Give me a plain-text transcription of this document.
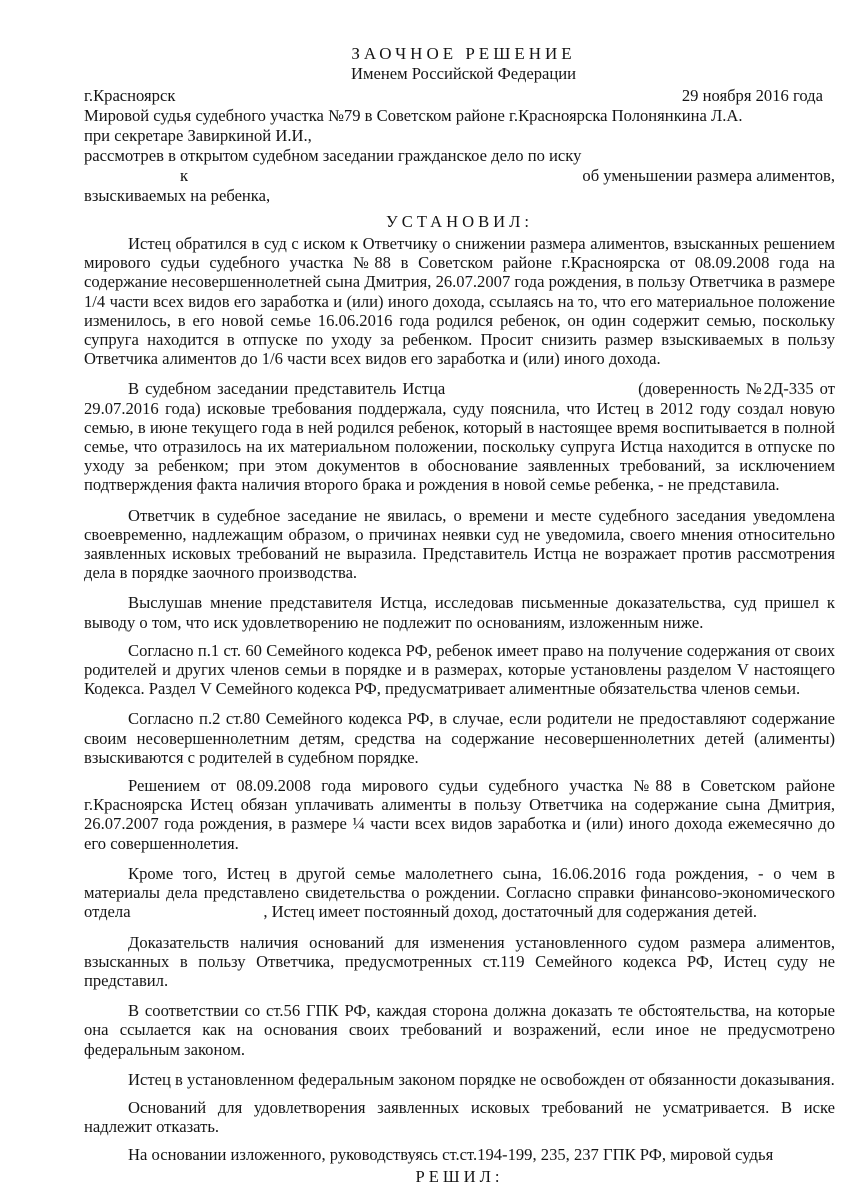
ЗАОЧНОЕ РЕШЕНИЕ

Именем Российской Федерации

г.Красноярск	29 ноября 2016 года

Мировой судья судебного участка №79 в Советском районе г.Красноярска Полонянкина Л.А.

при секретаре Завиркиной И.И.,

рассмотрев в открытом судебном заседании гражданское дело по иску

к	об уменьшении размера алиментов,

взыскиваемых на ребенка,

УСТАНОВИЛ:

Истец обратился в суд с иском к Ответчику о снижении размера алиментов, взысканных решением мирового судьи судебного участка №88 в Советском районе г.Красноярска от 08.09.2008 года на содержание несовершеннолетней сына Дмитрия, 26.07.2007 года рождения, в пользу Ответчика в размере 1/4 части всех видов его заработка и (или) иного дохода, ссылаясь на то, что его материальное положение изменилось, в его новой семье 16.06.2016 года родился ребенок, он один содержит семью, поскольку супруга находится в отпуске по уходу за ребенком. Просит снизить размер взыскиваемых в пользу Ответчика алиментов до 1/6 части всех видов его заработка и (или) иного дохода.

В судебном заседании представитель Истца                                (доверенность №2Д-335 от 29.07.2016 года) исковые требования поддержала, суду пояснила, что Истец в 2012 году создал новую семью, в июне текущего года в ней родился ребенок, который в настоящее время воспитывается в полной семье, что отразилось на их материальном положении, поскольку супруга Истца находится в отпуске по уходу за ребенком; при этом документов в обоснование заявленных требований, за исключением подтверждения факта наличия второго брака и рождения в новой семье ребенка, - не представила.

Ответчик в судебное заседание не явилась, о времени и месте судебного заседания уведомлена своевременно, надлежащим образом, о причинах неявки суд не уведомила, своего мнения относительно заявленных исковых требований не выразила. Представитель Истца не возражает против рассмотрения дела в порядке заочного производства.

Выслушав мнение представителя Истца, исследовав письменные доказательства, суд пришел к выводу о том, что иск удовлетворению не подлежит по основаниям, изложенным ниже.

Согласно п.1 ст. 60 Семейного кодекса РФ, ребенок имеет право на получение содержания от своих родителей и других членов семьи в порядке и в размерах, которые установлены разделом V настоящего Кодекса. Раздел V Семейного кодекса РФ, предусматривает алиментные обязательства членов семьи.

Согласно п.2 ст.80 Семейного кодекса РФ, в случае, если родители не предоставляют содержание своим несовершеннолетним детям, средства на содержание несовершеннолетних детей (алименты) взыскиваются с родителей в судебном порядке.

Решением от 08.09.2008 года мирового судьи судебного участка №88 в Советском районе г.Красноярска Истец обязан уплачивать алименты в пользу Ответчика на содержание сына Дмитрия, 26.07.2007 года рождения, в размере ¼ части всех видов заработка и (или) иного дохода ежемесячно до его совершеннолетия.

Кроме того, Истец в другой семье малолетнего сына, 16.06.2016 года рождения, - о чем в материалы дела представлено свидетельства о рождении. Согласно справки финансово-экономического отдела                                , Истец имеет постоянный доход, достаточный для содержания детей.

Доказательств наличия оснований для изменения установленного судом размера алиментов, взысканных в пользу Ответчика, предусмотренных ст.119 Семейного кодекса РФ, Истец суду не представил.

В соответствии со ст.56 ГПК РФ, каждая сторона должна доказать те обстоятельства, на которые она ссылается как на основания своих требований и возражений, если иное не предусмотрено федеральным законом.

Истец в установленном федеральным законом порядке не освобожден от обязанности доказывания.

Оснований для удовлетворения заявленных исковых требований не усматривается. В иске надлежит отказать.

На основании изложенного, руководствуясь ст.ст.194-199, 235, 237 ГПК РФ, мировой судья

РЕШИЛ:
